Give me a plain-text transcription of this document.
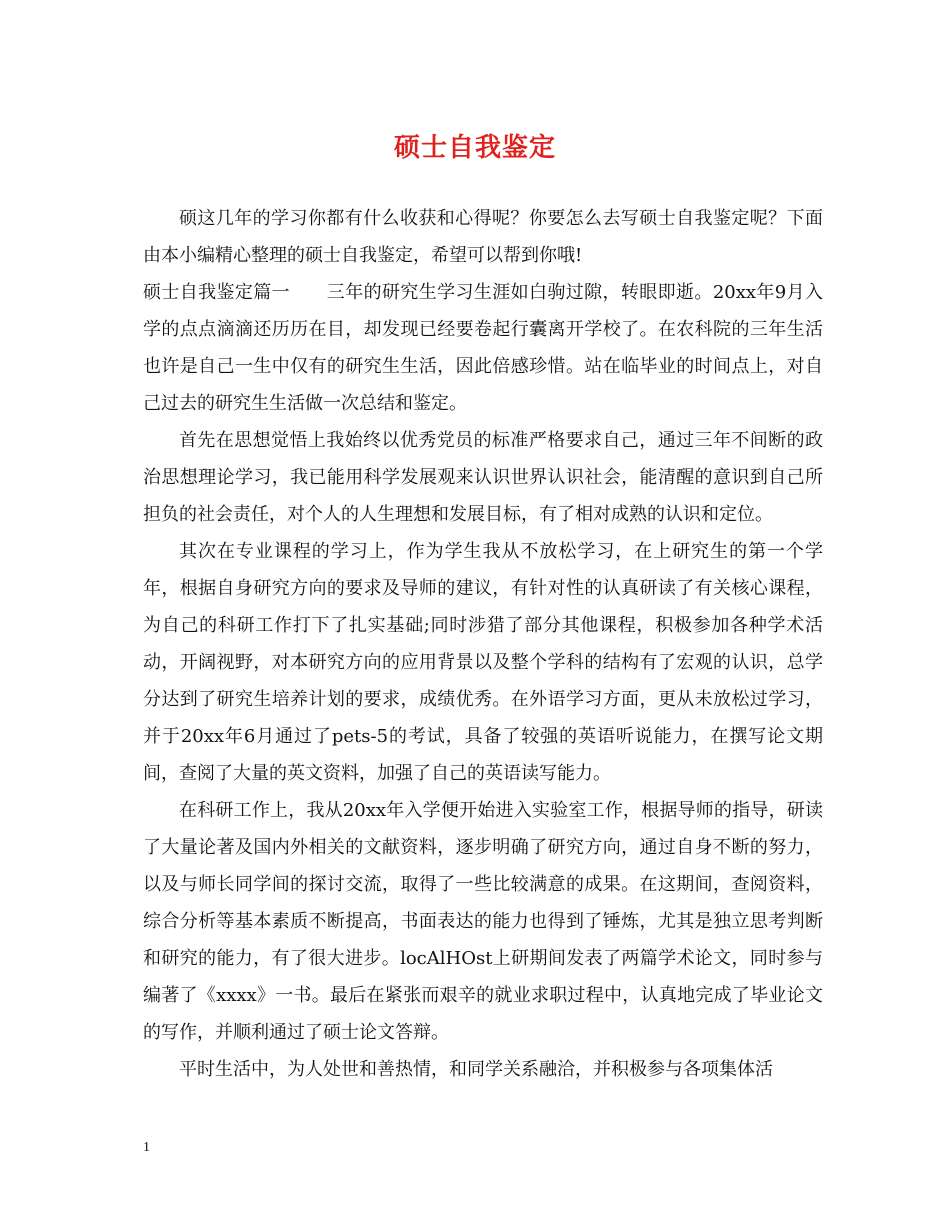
硕士自我鉴定

硕这几年的学习你都有什么收获和心得呢？你要怎么去写硕士自我鉴定呢？下面由本小编精心整理的硕士自我鉴定，希望可以帮到你哦!

硕士自我鉴定篇一　　三年的研究生学习生涯如白驹过隙，转眼即逝。20xx年9月入学的点点滴滴还历历在目，却发现已经要卷起行囊离开学校了。在农科院的三年生活也许是自己一生中仅有的研究生生活，因此倍感珍惜。站在临毕业的时间点上，对自己过去的研究生生活做一次总结和鉴定。

首先在思想觉悟上我始终以优秀党员的标准严格要求自己，通过三年不间断的政治思想理论学习，我已能用科学发展观来认识世界认识社会，能清醒的意识到自己所担负的社会责任，对个人的人生理想和发展目标，有了相对成熟的认识和定位。

其次在专业课程的学习上，作为学生我从不放松学习，在上研究生的第一个学年，根据自身研究方向的要求及导师的建议，有针对性的认真研读了有关核心课程，为自己的科研工作打下了扎实基础;同时涉猎了部分其他课程，积极参加各种学术活动，开阔视野，对本研究方向的应用背景以及整个学科的结构有了宏观的认识，总学分达到了研究生培养计划的要求，成绩优秀。在外语学习方面，更从未放松过学习，并于20xx年6月通过了pets-5的考试，具备了较强的英语听说能力，在撰写论文期间，查阅了大量的英文资料，加强了自己的英语读写能力。

在科研工作上，我从20xx年入学便开始进入实验室工作，根据导师的指导，研读了大量论著及国内外相关的文献资料，逐步明确了研究方向，通过自身不断的努力，以及与师长同学间的探讨交流，取得了一些比较满意的成果。在这期间，查阅资料，综合分析等基本素质不断提高，书面表达的能力也得到了锤炼，尤其是独立思考判断和研究的能力，有了很大进步。locAlHOst上研期间发表了两篇学术论文，同时参与编著了《xxxx》一书。最后在紧张而艰辛的就业求职过程中，认真地完成了毕业论文的写作，并顺利通过了硕士论文答辩。

平时生活中，为人处世和善热情，和同学关系融洽，并积极参与各项集体活

1
